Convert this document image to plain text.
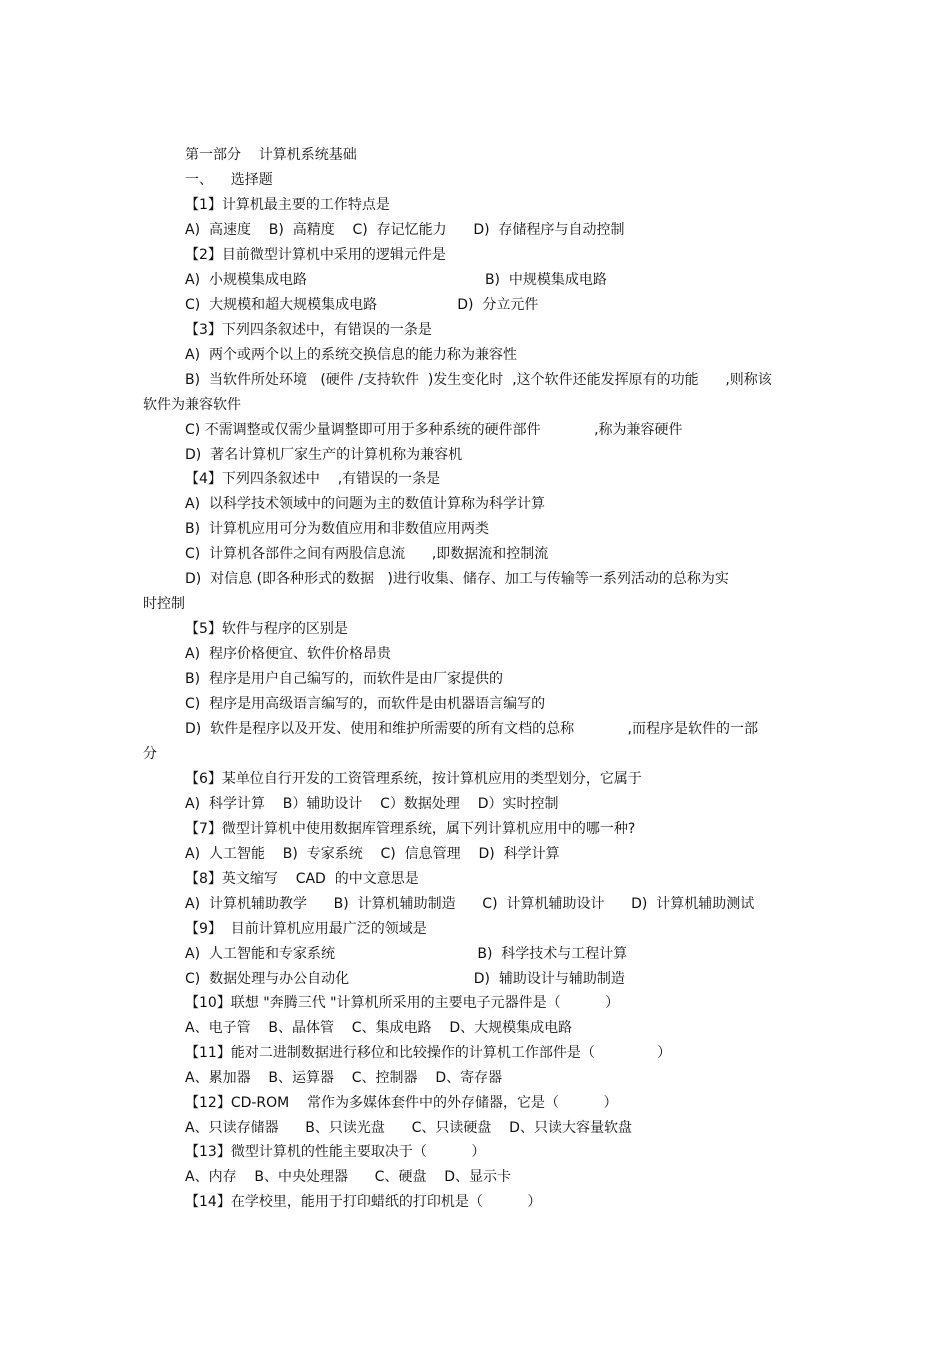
第一部分    计算机系统基础
一、    选择题
【1】计算机最主要的工作特点是
A)  高速度    B)  高精度    C)  存记忆能力      D)  存储程序与自动控制
【2】目前微型计算机中采用的逻辑元件是
A)  小规模集成电路                                        B)  中规模集成电路
C)  大规模和超大规模集成电路                  D)  分立元件
【3】下列四条叙述中，有错误的一条是
A)  两个或两个以上的系统交换信息的能力称为兼容性
B)  当软件所处环境   (硬件 /支持软件  )发生变化时  ,这个软件还能发挥原有的功能      ,则称该
软件为兼容软件
C) 不需调整或仅需少量调整即可用于多种系统的硬件部件            ,称为兼容硬件
D)  著名计算机厂家生产的计算机称为兼容机
【4】下列四条叙述中    ,有错误的一条是
A)  以科学技术领域中的问题为主的数值计算称为科学计算
B)  计算机应用可分为数值应用和非数值应用两类
C)  计算机各部件之间有两股信息流      ,即数据流和控制流
D)  对信息 (即各种形式的数据   )进行收集、储存、加工与传输等一系列活动的总称为实
时控制
【5】软件与程序的区别是
A)  程序价格便宜、软件价格昂贵
B)  程序是用户自己编写的，而软件是由厂家提供的
C)  程序是用高级语言编写的，而软件是由机器语言编写的
D)  软件是程序以及开发、使用和维护所需要的所有文档的总称            ,而程序是软件的一部
分
【6】某单位自行开发的工资管理系统，按计算机应用的类型划分，它属于
A)  科学计算    B）辅助设计    C）数据处理    D）实时控制
【7】微型计算机中使用数据库管理系统，属下列计算机应用中的哪一种?
A)  人工智能    B)  专家系统    C)  信息管理    D)  科学计算
【8】英文缩写    CAD  的中文意思是
A)  计算机辅助教学      B)  计算机辅助制造      C)  计算机辅助设计      D)  计算机辅助测试
【9】  目前计算机应用最广泛的领域是
A)  人工智能和专家系统                                B)  科学技术与工程计算
C)  数据处理与办公自动化                            D)  辅助设计与辅助制造
【10】联想 "奔腾三代 "计算机所采用的主要电子元器件是（          ）
A、电子管    B、晶体管    C、集成电路    D、大规模集成电路
【11】能对二进制数据进行移位和比较操作的计算机工作部件是（              ）
A、累加器    B、运算器    C、控制器    D、寄存器
【12】CD-ROM    常作为多媒体套件中的外存储器，它是（          ）
A、只读存储器      B、只读光盘      C、只读硬盘    D、只读大容量软盘
【13】微型计算机的性能主要取决于（          ）
A、内存    B、中央处理器      C、硬盘    D、显示卡
【14】在学校里，能用于打印蜡纸的打印机是（          ）
